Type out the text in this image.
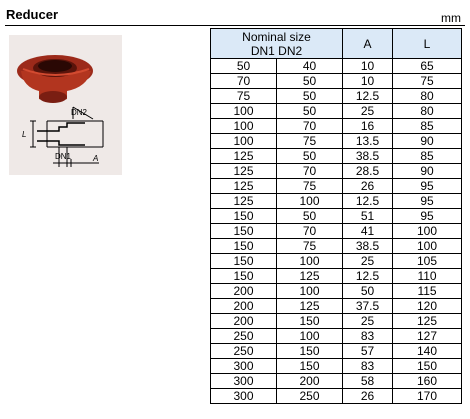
Reducer	mm
DN2
DN1
L
A
Nominal size
DN1 DN2		A	L
50	40	10	65
70	50	10	75
75	50	12.5	80
100	50	25	80
100	70	16	85
100	75	13.5	90
125	50	38.5	85
125	70	28.5	90
125	75	26	95
125	100	12.5	95
150	50	51	95
150	70	41	100
150	75	38.5	100
150	100	25	105
150	125	12.5	110
200	100	50	115
200	125	37.5	120
200	150	25	125
250	100	83	127
250	150	57	140
300	150	83	150
300	200	58	160
300	250	26	170
